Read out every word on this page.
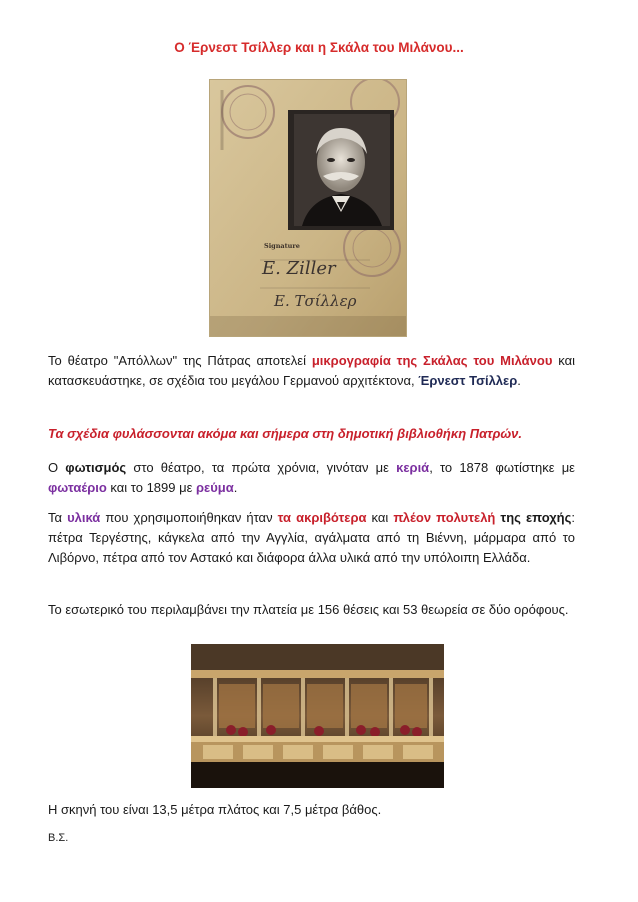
Ο Έρνεστ Τσίλλερ και η Σκάλα του Μιλάνου...
Signature
E. Ziller
Ε. Τσίλλερ

Το θέατρο "Απόλλων" της Πάτρας αποτελεί μικρογραφία της Σκάλας του Μιλάνου και κατασκευάστηκε, σε σχέδια του μεγάλου Γερμανού αρχιτέκτονα, Έρνεστ Τσίλλερ.

Τα σχέδια φυλάσσονται ακόμα και σήμερα στη δημοτική βιβλιοθήκη Πατρών.

Ο φωτισμός στο θέατρο, τα πρώτα χρόνια, γινόταν με κεριά, το 1878 φωτίστηκε με φωταέριο και το 1899 με ρεύμα.

Τα υλικά που χρησιμοποιήθηκαν ήταν τα ακριβότερα και πλέον πολυτελή της εποχής: πέτρα Τεργέστης, κάγκελα από την Αγγλία, αγάλματα από τη Βιέννη, μάρμαρα από το Λιβόρνο, πέτρα από τον Αστακό και διάφορα άλλα υλικά από την υπόλοιπη Ελλάδα.

Το εσωτερικό του περιλαμβάνει την πλατεία με 156 θέσεις και 53 θεωρεία σε δύο ορόφους.

Η σκηνή του είναι 13,5 μέτρα πλάτος και 7,5 μέτρα βάθος.

Β.Σ.
